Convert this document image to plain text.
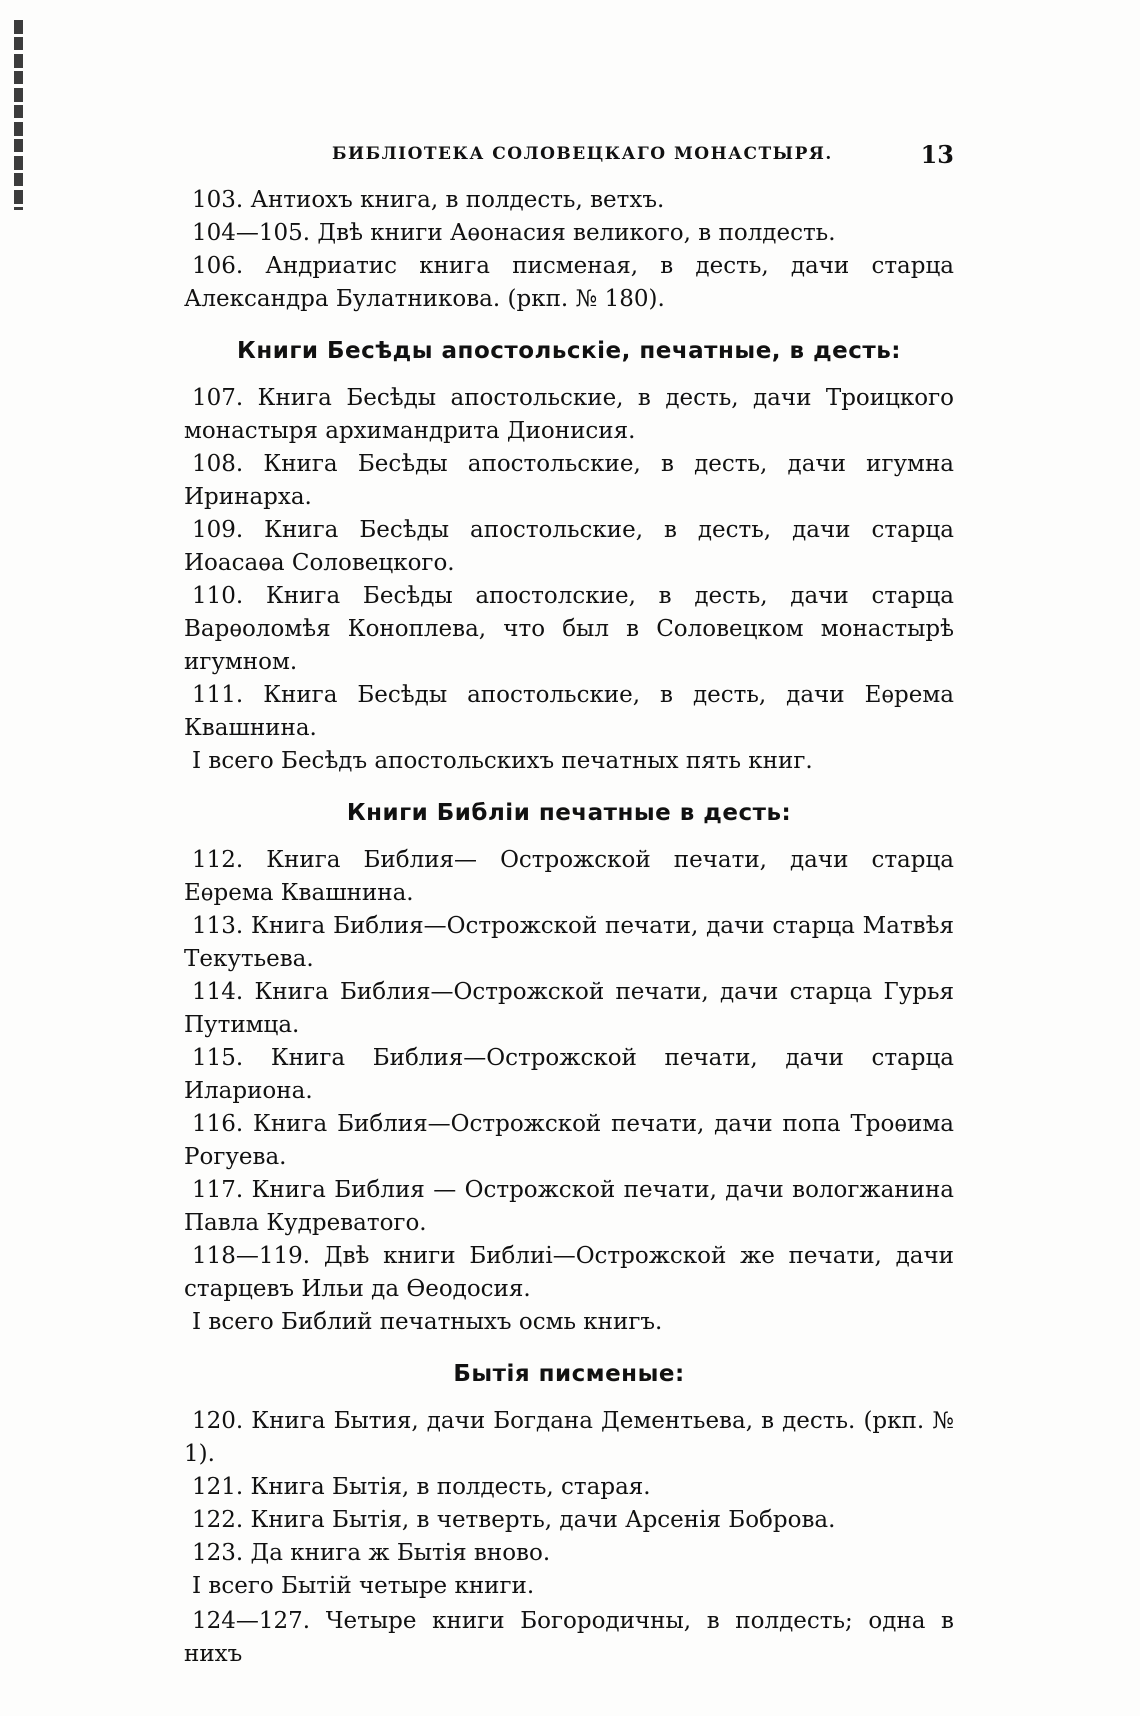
БИБЛІОТЕКА СОЛОВЕЦКАГО МОНАСТЫРЯ.	13

103. Антиохъ книга, в полдесть, ветхъ.

104—105. Двѣ книги Аѳонасия великого, в полдесть.

106. Андриатис книга писменая, в десть, дачи старца Александра Булатникова. (ркп. № 180).

Книги Бесѣды апостольскіе, печатные, в десть:

107. Книга Бесѣды апостольские, в десть, дачи Троицкого монастыря архимандрита Дионисия.

108. Книга Бесѣды апостольские, в десть, дачи игумна Иринарха.

109. Книга Бесѣды апостольские, в десть, дачи старца Иоасаѳа Соловецкого.

110. Книга Бесѣды апостолские, в десть, дачи старца Варѳоломѣя Коноплева, что был в Соловецком монастырѣ игумном.

111. Книга Бесѣды апостольские, в десть, дачи Еѳрема Квашнина.

І всего Бесѣдъ апостольскихъ печатных пять книг.

Книги Библіи печатные в десть:

112. Книга Библия— Острожской печати, дачи старца Еѳрема Квашнина.

113. Книга Библия—Острожской печати, дачи старца Матвѣя Текутьева.

114. Книга Библия—Острожской печати, дачи старца Гурья Путимца.

115. Книга Библия—Острожской печати, дачи старца Илариона.

116. Книга Библия—Острожской печати, дачи попа Троѳима Рогуева.

117. Книга Библия — Острожской печати, дачи вологжанина Павла Кудреватого.

118—119. Двѣ книги Библиі—Острожской же печати, дачи старцевъ Ильи да Ѳеодосия.

І всего Библий печатныхъ осмь книгъ.

Бытія писменые:

120. Книга Бытия, дачи Богдана Дементьева, в десть. (ркп. № 1).

121. Книга Бытія, в полдесть, старая.

122. Книга Бытія, в четверть, дачи Арсенія Боброва.

123. Да книга ж Бытія вново.

І всего Бытій четыре книги.

124—127. Четыре книги Богородичны, в полдесть; одна в нихъ
